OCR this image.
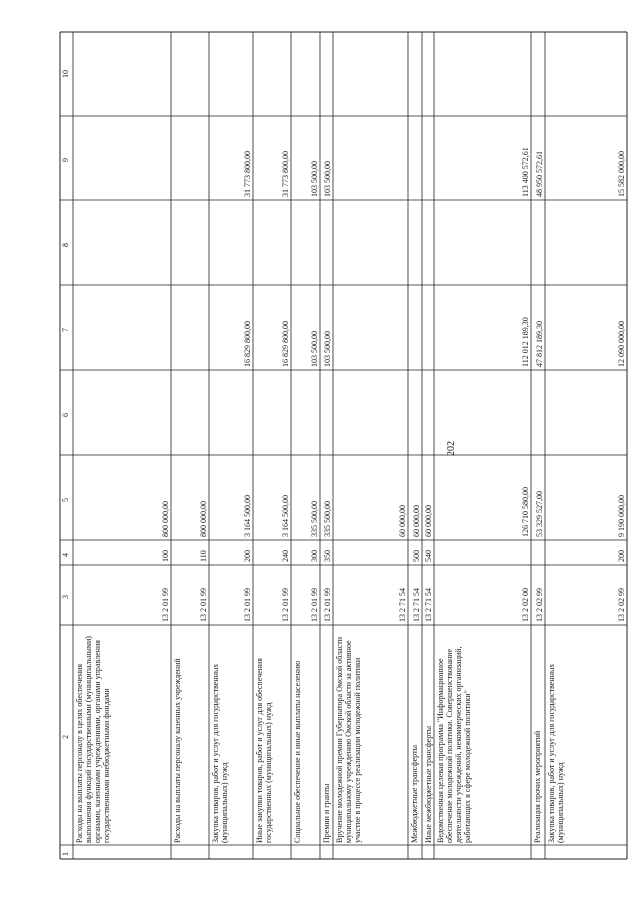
202
1
2
3
4
5
6
7
8
9
10
Расходы на выплаты персоналу в целях обеспечения выполнения функций государственными (муниципальными) органами, казенными учреждениями, органами управления государственными внебюджетными фондами
13 2 01 99
100
800 000,00
Расходы на выплаты персоналу казенных учреждений
13 2 01 99
110
800 000,00
Закупка товаров, работ и услуг для государственных (муниципальных) нужд
13 2 01 99
200
3 164 500,00
16 829 800,00
31 773 800,00
Иные закупки товаров, работ и услуг для обеспечения государственных (муниципальных) нужд
13 2 01 99
240
3 164 500,00
16 829 800,00
31 773 800,00
Социальное обеспечение и иные выплаты населению
13 2 01 99
300
335 500,00
103 500,00
103 500,00
Премии и гранты
13 2 01 99
350
335 500,00
103 500,00
103 500,00
Вручение молодежной премии Губернатора Омской области муниципальному учреждению Омской области за активное участие в процессе реализации молодежной политики
13 2 71 54
60 000,00
Межбюджетные трансферты
13 2 71 54
500
60 000,00
Иные межбюджетные трансферты
13 2 71 54
540
60 000,00
Ведомственная целевая программа "Информационное обеспечение молодежной политики. Совершенствование деятельности учреждений, некоммерческих организаций, работающих в сфере молодежной политики"
13 2 02 00
126 710 580,00
112 012 189,30
113 400 572,61
Реализация прочих мероприятий
13 2 02 99
53 329 527,00
47 812 189,30
48 950 572,61
Закупка товаров, работ и услуг для государственных (муниципальных) нужд
13 2 02 99
200
9 190 000,00
12 090 000,00
15 582 000,00
